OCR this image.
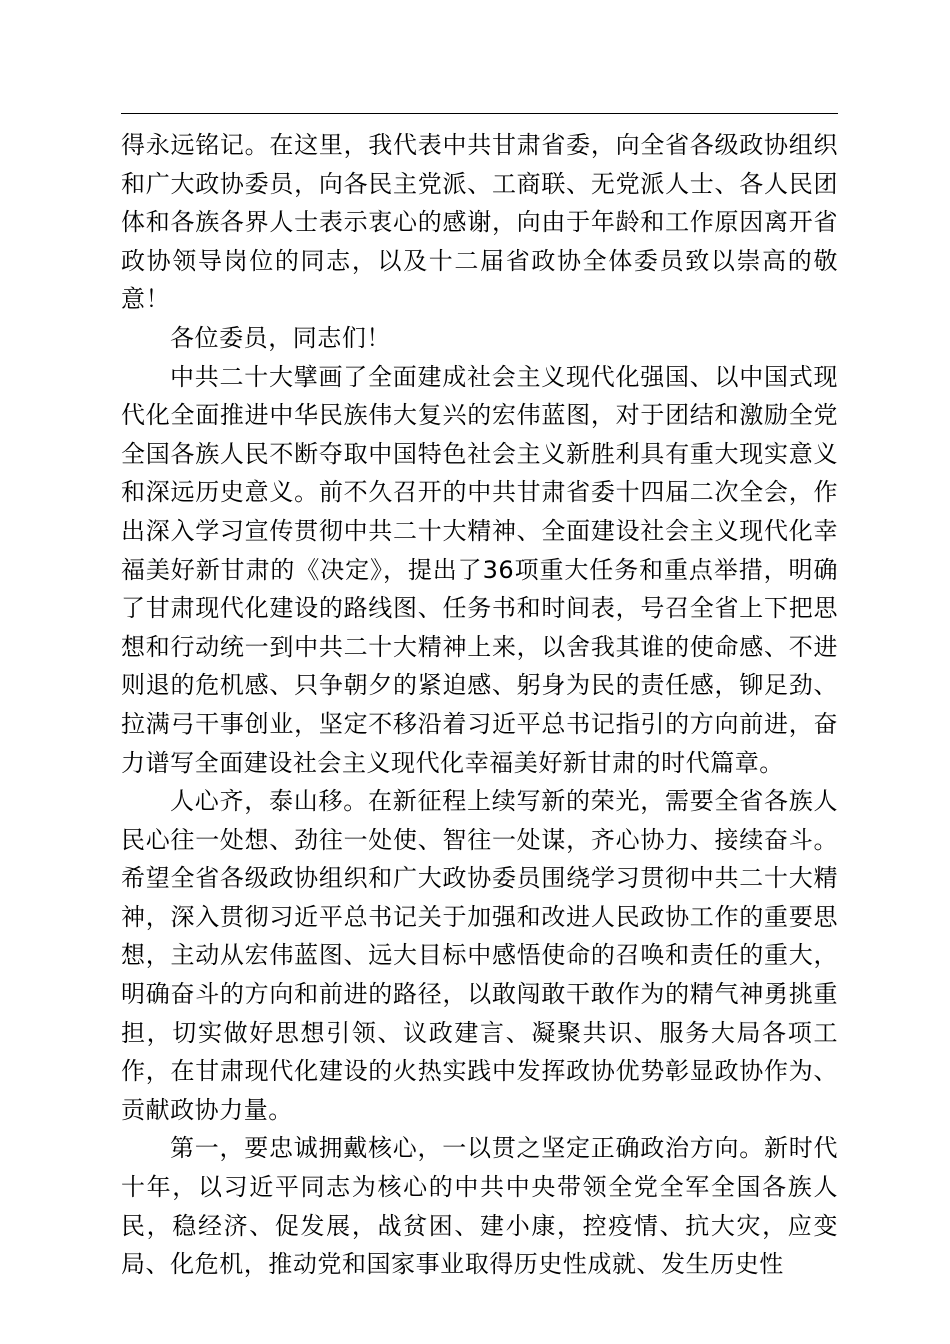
得永远铭记。在这里，我代表中共甘肃省委，向全省各级政协组织和广大政协委员，向各民主党派、工商联、无党派人士、各人民团体和各族各界人士表示衷心的感谢，向由于年龄和工作原因离开省政协领导岗位的同志，以及十二届省政协全体委员致以崇高的敬意！

各位委员，同志们！

中共二十大擘画了全面建成社会主义现代化强国、以中国式现代化全面推进中华民族伟大复兴的宏伟蓝图，对于团结和激励全党全国各族人民不断夺取中国特色社会主义新胜利具有重大现实意义和深远历史意义。前不久召开的中共甘肃省委十四届二次全会，作出深入学习宣传贯彻中共二十大精神、全面建设社会主义现代化幸福美好新甘肃的《决定》，提出了36项重大任务和重点举措，明确了甘肃现代化建设的路线图、任务书和时间表，号召全省上下把思想和行动统一到中共二十大精神上来，以舍我其谁的使命感、不进则退的危机感、只争朝夕的紧迫感、躬身为民的责任感，铆足劲、拉满弓干事创业，坚定不移沿着习近平总书记指引的方向前进，奋力谱写全面建设社会主义现代化幸福美好新甘肃的时代篇章。

人心齐，泰山移。在新征程上续写新的荣光，需要全省各族人民心往一处想、劲往一处使、智往一处谋，齐心协力、接续奋斗。希望全省各级政协组织和广大政协委员围绕学习贯彻中共二十大精神，深入贯彻习近平总书记关于加强和改进人民政协工作的重要思想，主动从宏伟蓝图、远大目标中感悟使命的召唤和责任的重大，明确奋斗的方向和前进的路径，以敢闯敢干敢作为的精气神勇挑重担，切实做好思想引领、议政建言、凝聚共识、服务大局各项工作，在甘肃现代化建设的火热实践中发挥政协优势彰显政协作为、贡献政协力量。

第一，要忠诚拥戴核心，一以贯之坚定正确政治方向。新时代十年，以习近平同志为核心的中共中央带领全党全军全国各族人民，稳经济、促发展，战贫困、建小康，控疫情、抗大灾，应变局、化危机，推动党和国家事业取得历史性成就、发生历史性
